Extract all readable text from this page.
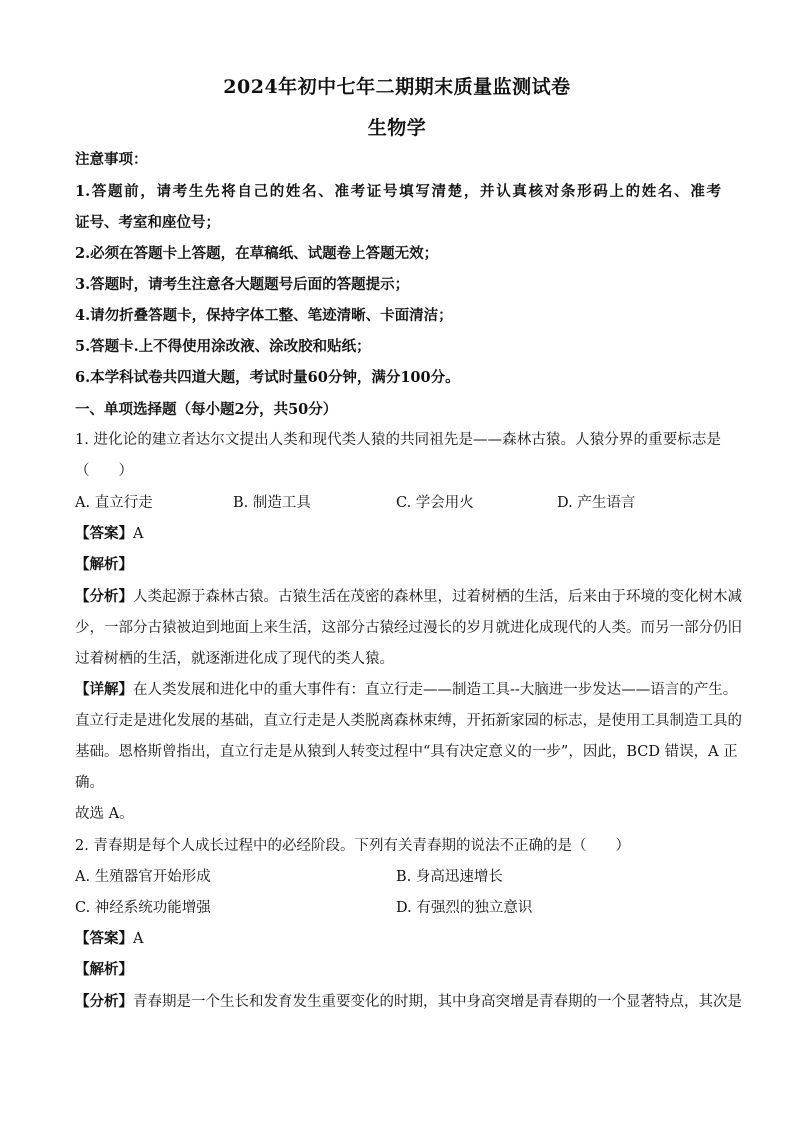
2024年初中七年二期期末质量监测试卷
生物学
注意事项：
1.答题前，请考生先将自己的姓名、准考证号填写清楚，并认真核对条形码上的姓名、准考
证号、考室和座位号；
2.必须在答题卡上答题，在草稿纸、试题卷上答题无效；
3.答题时，请考生注意各大题题号后面的答题提示；
4.请勿折叠答题卡，保持字体工整、笔迹清晰、卡面清洁；
5.答题卡.上不得使用涂改液、涂改胶和贴纸；
6.本学科试卷共四道大题，考试时量60分钟，满分100分。
一、单项选择题（每小题2分，共50分）
1. 进化论的建立者达尔文提出人类和现代类人猿的共同祖先是——森林古猿。人猿分界的重要标志是
（　　）
A. 直立行走	B. 制造工具	C. 学会用火	D. 产生语言
【答案】A
【解析】
【分析】人类起源于森林古猿。古猿生活在茂密的森林里，过着树栖的生活，后来由于环境的变化树木减
少，一部分古猿被迫到地面上来生活，这部分古猿经过漫长的岁月就进化成现代的人类。而另一部分仍旧
过着树栖的生活，就逐渐进化成了现代的类人猿。
【详解】在人类发展和进化中的重大事件有：直立行走——制造工具--大脑进一步发达——语言的产生。
直立行走是进化发展的基础，直立行走是人类脱离森林束缚，开拓新家园的标志，是使用工具制造工具的
基础。恩格斯曾指出，直立行走是从猿到人转变过程中“具有决定意义的一步”，因此，BCD 错误，A 正
确。
故选 A。
2. 青春期是每个人成长过程中的必经阶段。下列有关青春期的说法不正确的是（　　）
A. 生殖器官开始形成	B. 身高迅速增长
C. 神经系统功能增强	D. 有强烈的独立意识
【答案】A
【解析】
【分析】青春期是一个生长和发育发生重要变化的时期，其中身高突增是青春期的一个显著特点，其次是
